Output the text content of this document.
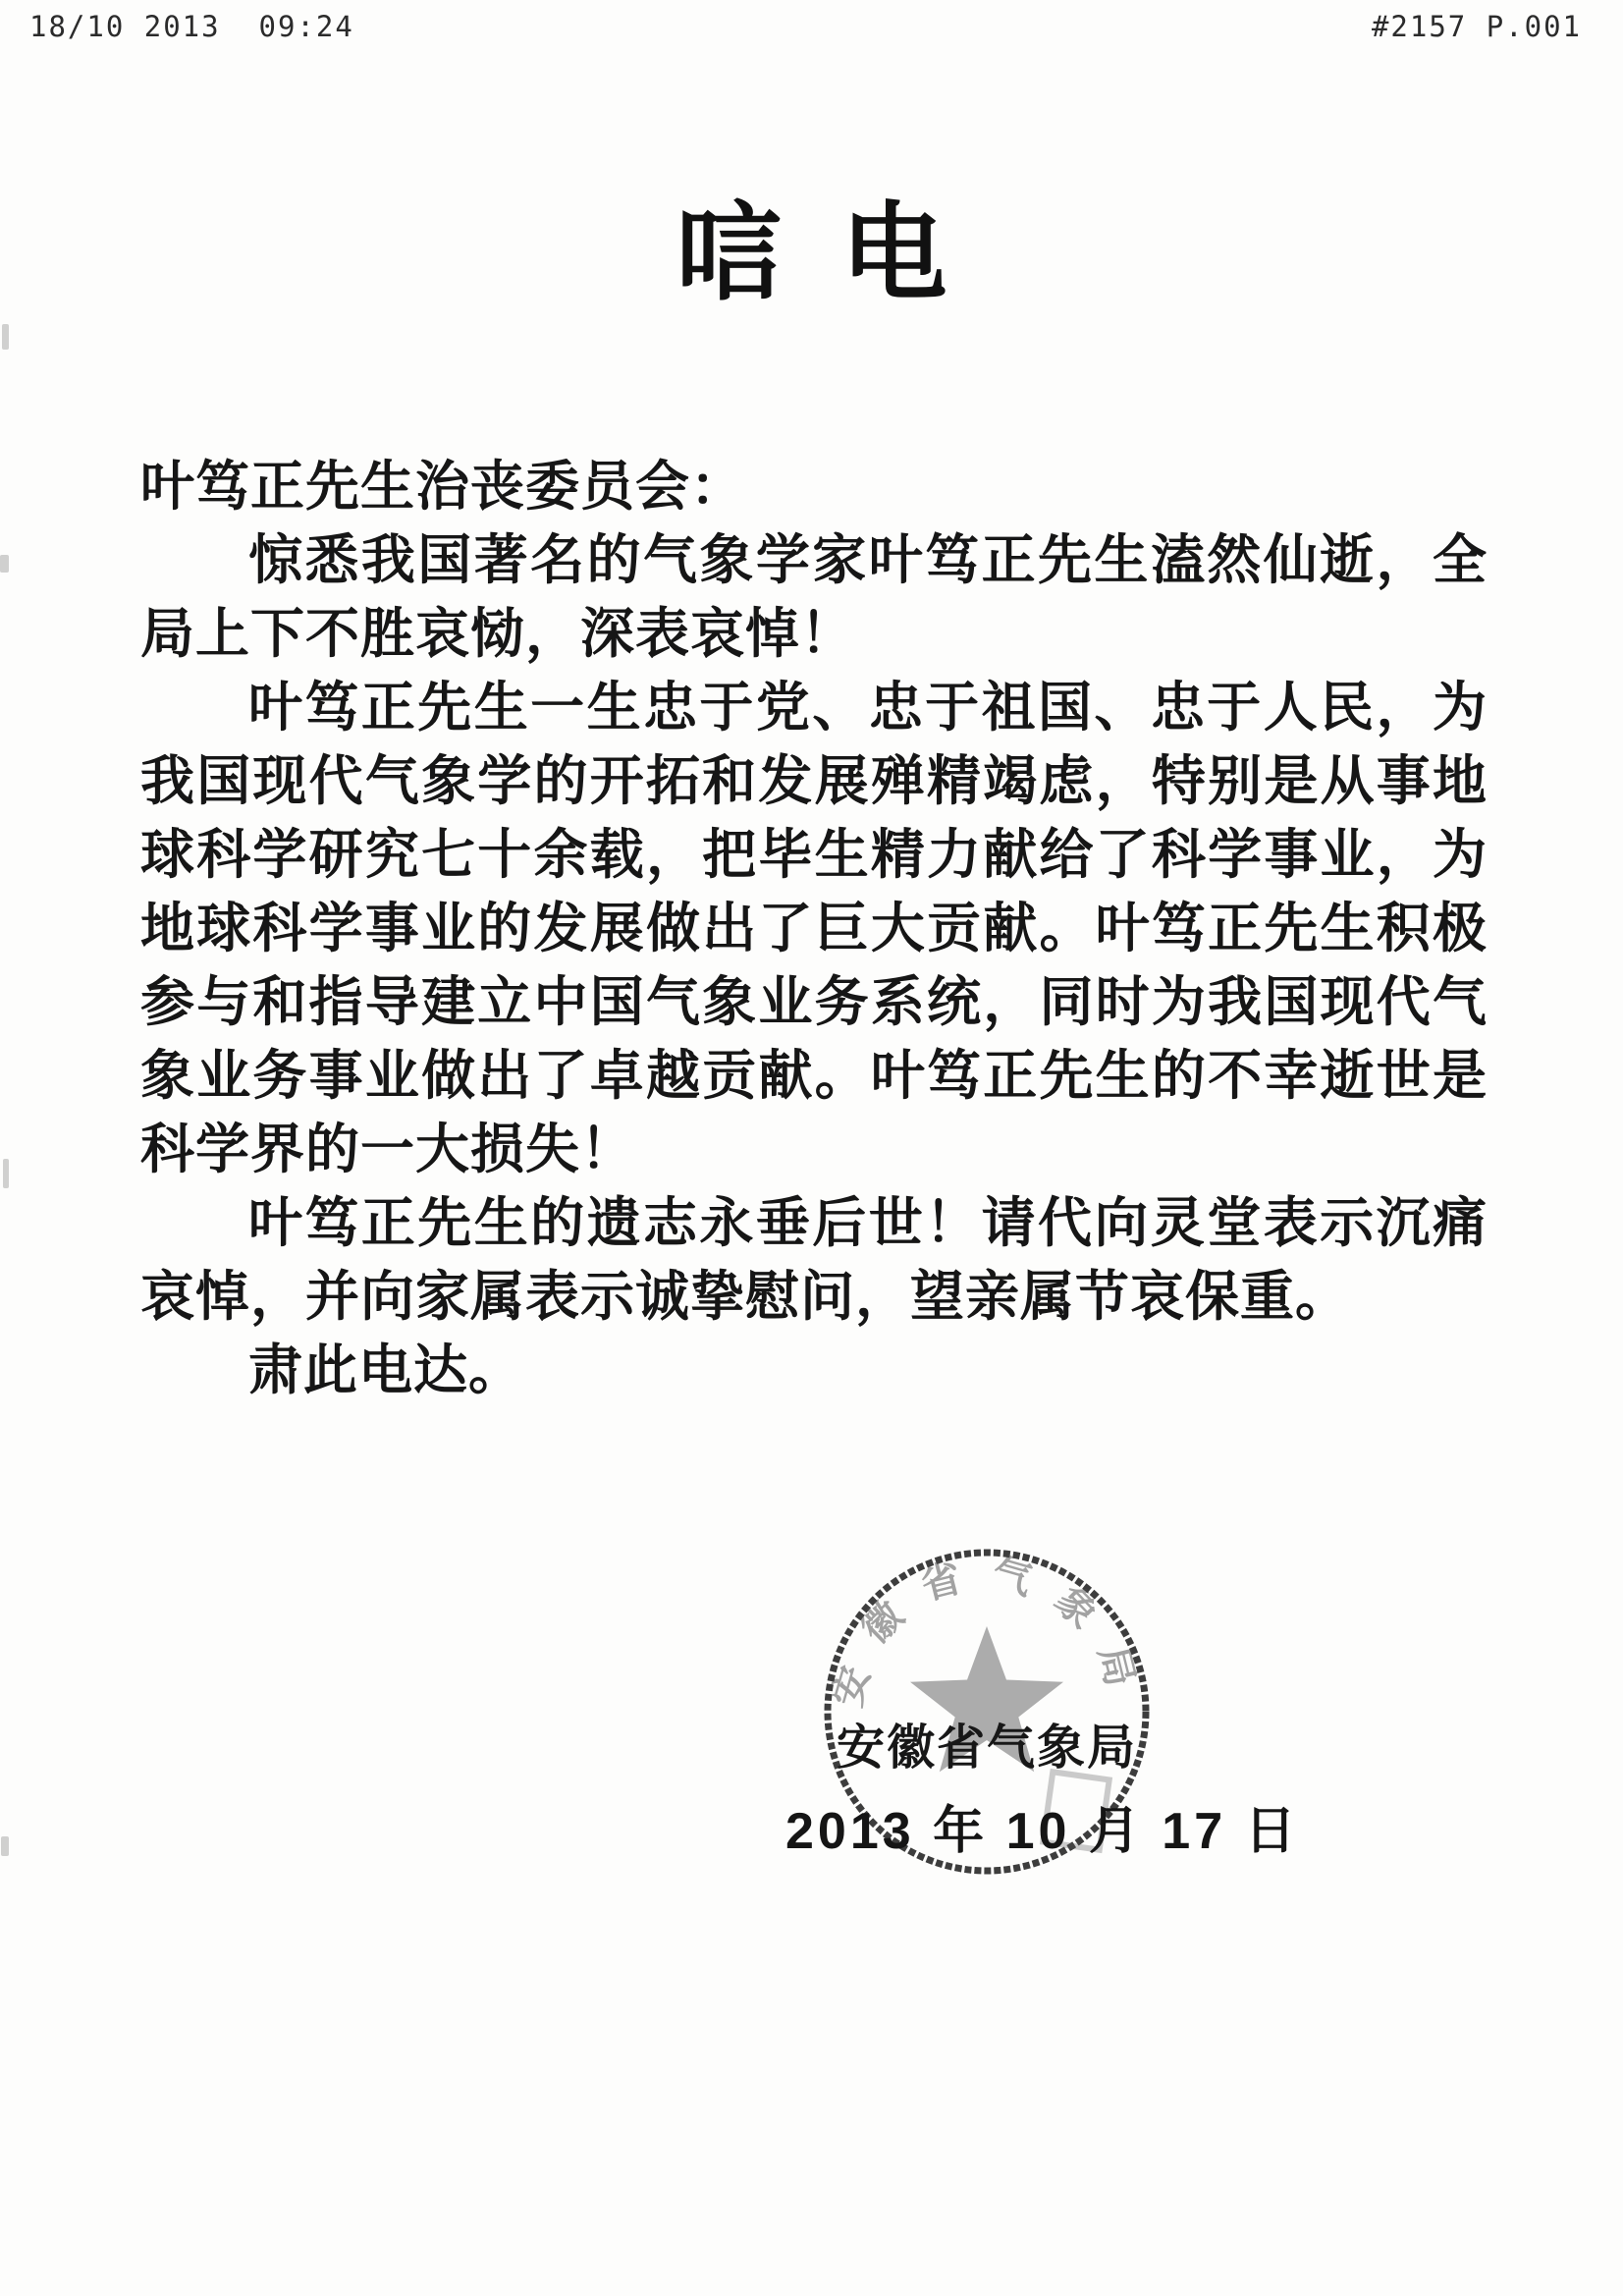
18/10 2013  09:24	#2157 P.001
唁 电

叶笃正先生治丧委员会：

惊悉我国著名的气象学家叶笃正先生溘然仙逝，全局上下不胜哀恸，深表哀悼！

叶笃正先生一生忠于党、忠于祖国、忠于人民，为我国现代气象学的开拓和发展殚精竭虑，特别是从事地球科学研究七十余载，把毕生精力献给了科学事业，为地球科学事业的发展做出了巨大贡献。叶笃正先生积极参与和指导建立中国气象业务系统，同时为我国现代气象业务事业做出了卓越贡献。叶笃正先生的不幸逝世是科学界的一大损失！

叶笃正先生的遗志永垂后世！请代向灵堂表示沉痛哀悼，并向家属表示诚挚慰问，望亲属节哀保重。

肃此电达。

安徽省气象局
安徽省气象局
2013 年 10 月 17 日
